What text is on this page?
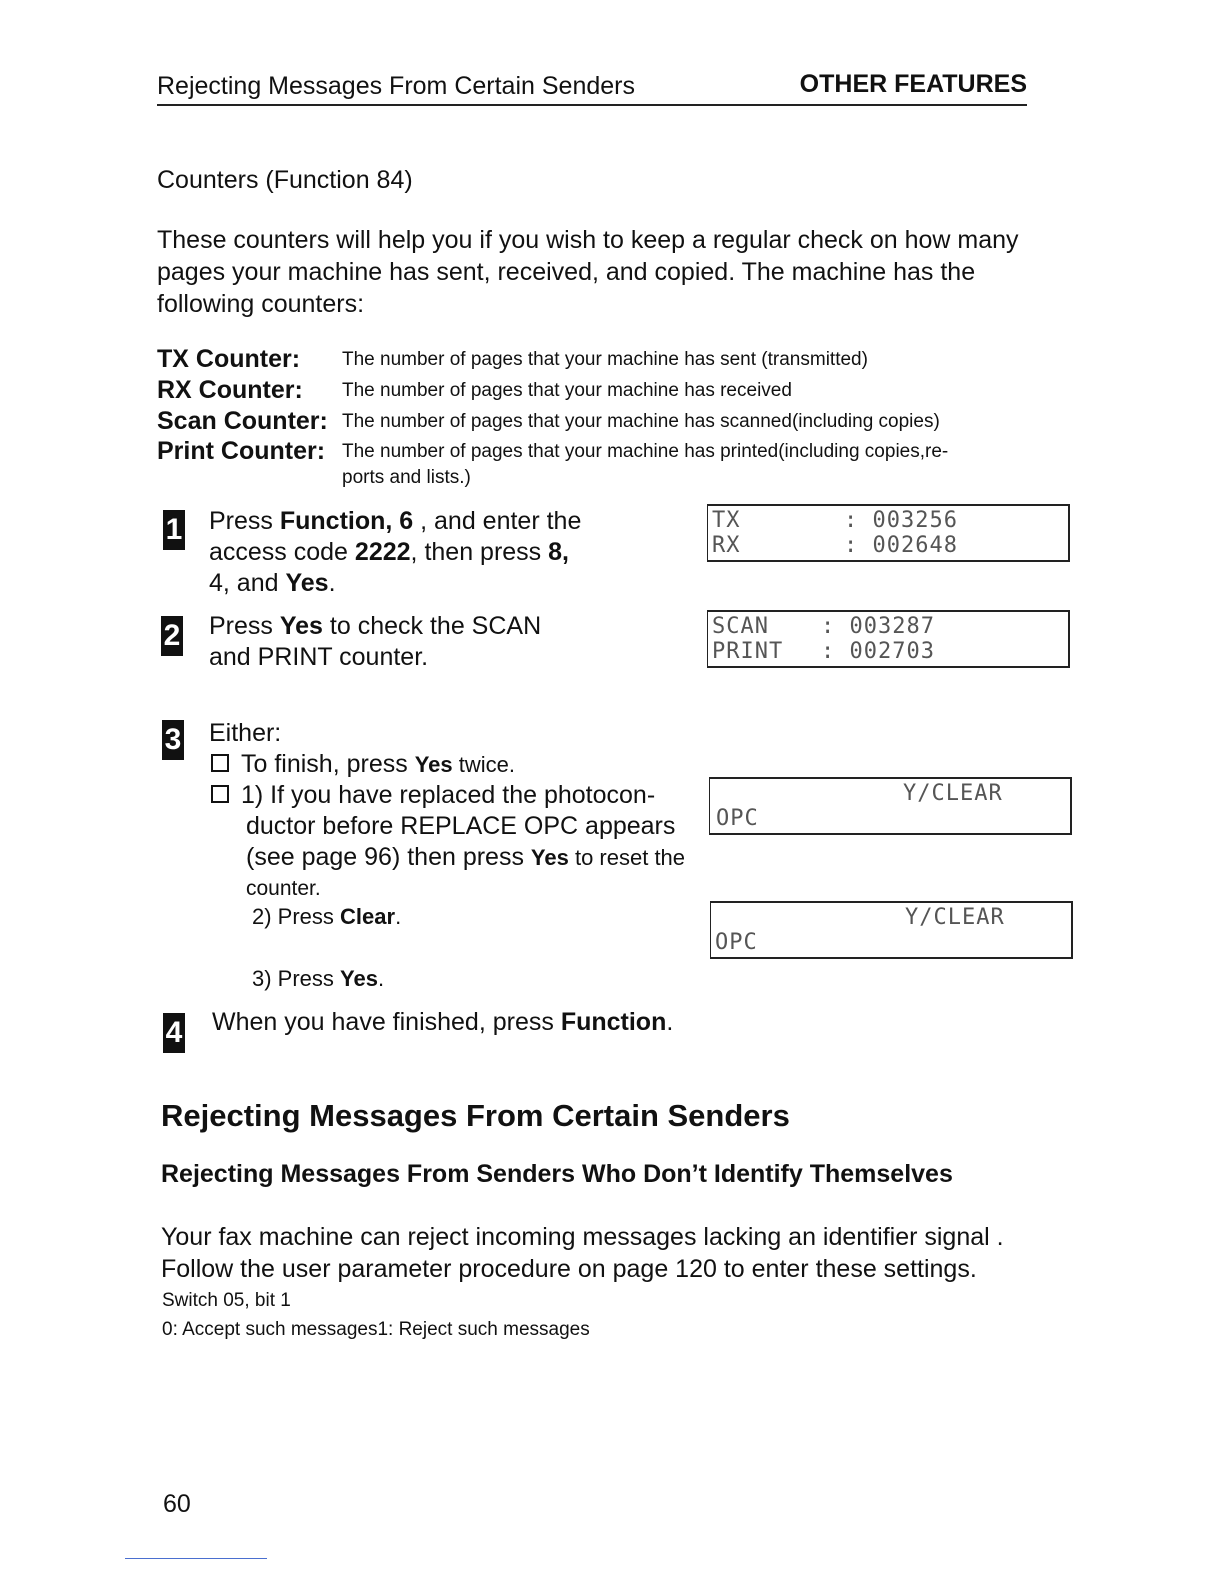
Rejecting Messages From Certain Senders	OTHER FEATURES
Counters (Function 84)
These counters will help you if you wish to keep a regular check on how many
pages your machine has sent, received, and copied. The machine has the
following counters:
TX Counter: The number of pages that your machine has sent (transmitted)
RX Counter: The number of pages that your machine has received
Scan Counter: The number of pages that your machine has scanned(including copies)
Print Counter: The number of pages that your machine has printed(including copies,re-
ports and lists.)
1 Press Function, 6 , and enter the
access code 2222, then press 8,
4, and Yes.
TX	: 003256
RX	: 002648
2 Press Yes to check the SCAN
and PRINT counter.
SCAN : 003287
PRINT : 002703
3 Either:
To finish, press Yes twice.
1) If you have replaced the photocon-
ductor before REPLACE OPC appears
(see page 96) then press Yes to reset the
counter.
2) Press Clear.
3) Press Yes.
Y/CLEAR
OPC
Y/CLEAR
OPC
4 When you have finished, press Function.
Rejecting Messages From Certain Senders
Rejecting Messages From Senders Who Don’t Identify Themselves
Your fax machine can reject incoming messages lacking an identifier signal .
Follow the user parameter procedure on page 120 to enter these settings.
Switch 05, bit 1
0: Accept such messages1: Reject such messages
60
